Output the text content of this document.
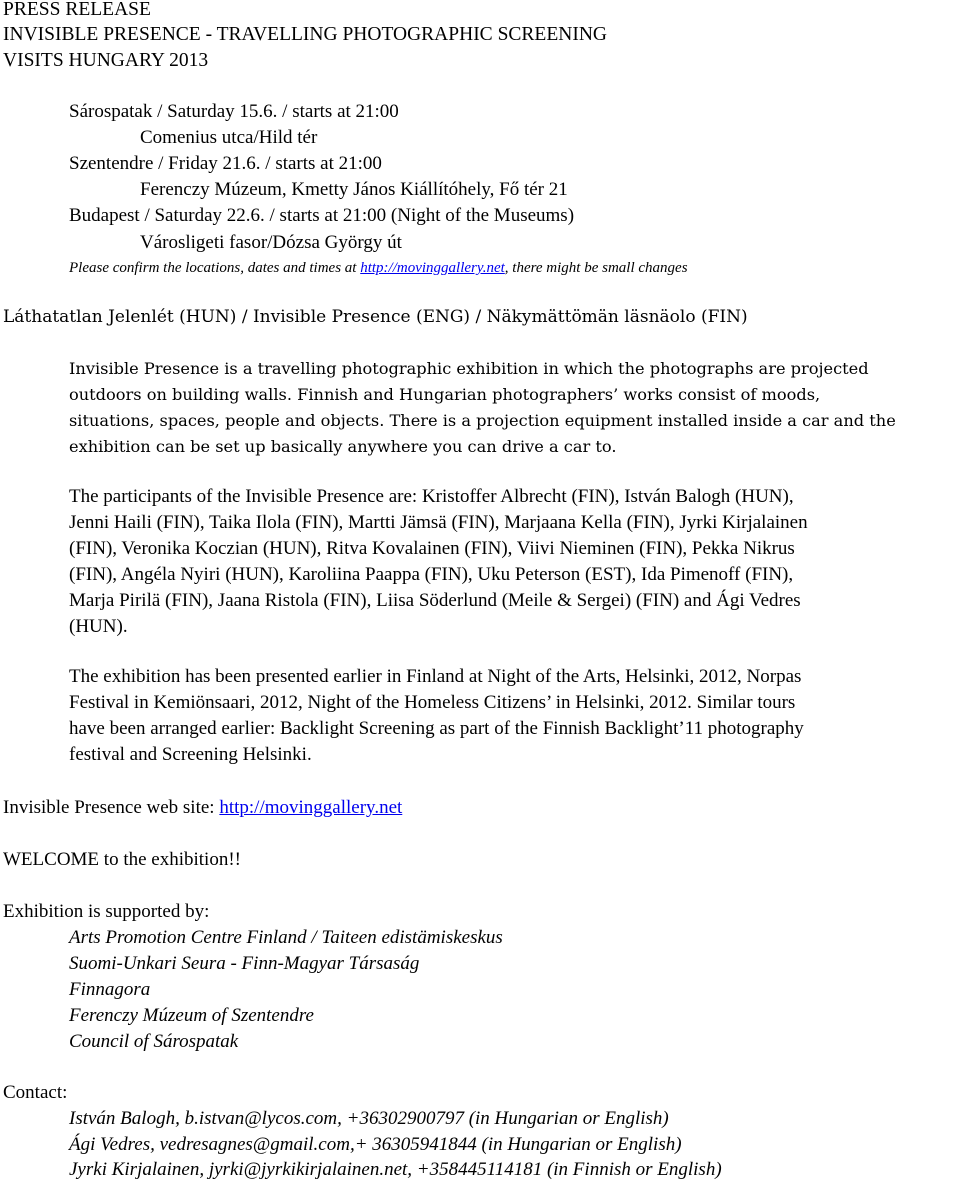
PRESS RELEASE
INVISIBLE PRESENCE - TRAVELLING PHOTOGRAPHIC SCREENING
VISITS HUNGARY 2013
Sárospatak / Saturday 15.6. / starts at 21:00
Comenius utca/Hild tér
Szentendre / Friday 21.6. / starts at 21:00
Ferenczy Múzeum, Kmetty János Kiállítóhely, Fő tér 21
Budapest / Saturday 22.6. / starts at 21:00 (Night of the Museums)
Városligeti fasor/Dózsa György út
Please confirm the locations, dates and times at http://movinggallery.net, there might be small changes
Láthatatlan Jelenlét (HUN) / Invisible Presence (ENG) / Näkymättömän läsnäolo (FIN)
Invisible Presence is a travelling photographic exhibition in which the photographs are projected
outdoors on building walls. Finnish and Hungarian photographers’ works consist of moods,
situations, spaces, people and objects. There is a projection equipment installed inside a car and the
exhibition can be set up basically anywhere you can drive a car to.
The participants of the Invisible Presence are: Kristoffer Albrecht (FIN), István Balogh (HUN),
Jenni Haili (FIN), Taika Ilola (FIN), Martti Jämsä (FIN), Marjaana Kella (FIN), Jyrki Kirjalainen
(FIN), Veronika Koczian (HUN), Ritva Kovalainen (FIN), Viivi Nieminen (FIN), Pekka Nikrus
(FIN), Angéla Nyiri (HUN), Karoliina Paappa (FIN), Uku Peterson (EST), Ida Pimenoff (FIN),
Marja Pirilä (FIN), Jaana Ristola (FIN), Liisa Söderlund (Meile & Sergei) (FIN) and Ági Vedres
(HUN).
The exhibition has been presented earlier in Finland at Night of the Arts, Helsinki, 2012, Norpas
Festival in Kemiönsaari, 2012, Night of the Homeless Citizens’ in Helsinki, 2012. Similar tours
have been arranged earlier: Backlight Screening as part of the Finnish Backlight’11 photography
festival and Screening Helsinki.
Invisible Presence web site: http://movinggallery.net
WELCOME to the exhibition!!
Exhibition is supported by:
Arts Promotion Centre Finland / Taiteen edistämiskeskus
Suomi-Unkari Seura - Finn-Magyar Társaság
Finnagora
Ferenczy Múzeum of Szentendre
Council of Sárospatak
Contact:
István Balogh, b.istvan@lycos.com, +36302900797 (in Hungarian or English)
Ági Vedres, vedresagnes@gmail.com,+ 36305941844 (in Hungarian or English)
Jyrki Kirjalainen, jyrki@jyrkikirjalainen.net, +358445114181 (in Finnish or English)
